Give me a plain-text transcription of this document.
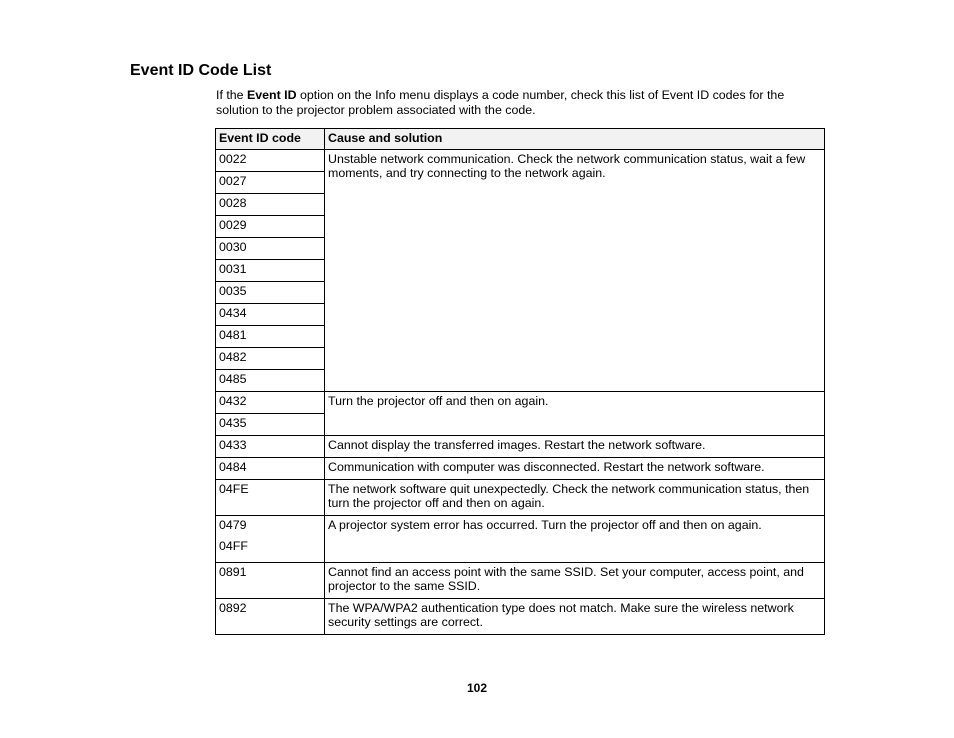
Event ID Code List

If the Event ID option on the Info menu displays a code number, check this list of Event ID codes for the solution to the projector problem associated with the code.

Event ID code	Cause and solution
0022	Unstable network communication. Check the network communication status, wait a few moments, and try connecting to the network again.
0027	
0028	
0029	
0030	
0031	
0035	
0434	
0481	
0482	
0485	
0432	Turn the projector off and then on again.
0435	
0433	Cannot display the transferred images. Restart the network software.
0484	Communication with computer was disconnected. Restart the network software.
04FE	The network software quit unexpectedly. Check the network communication status, then turn the projector off and then on again.

0479
04FF	A projector system error has occurred. Turn the projector off and then on again.
0891	Cannot find an access point with the same SSID. Set your computer, access point, and projector to the same SSID.
0892	The WPA/WPA2 authentication type does not match. Make sure the wireless network security settings are correct.
102
